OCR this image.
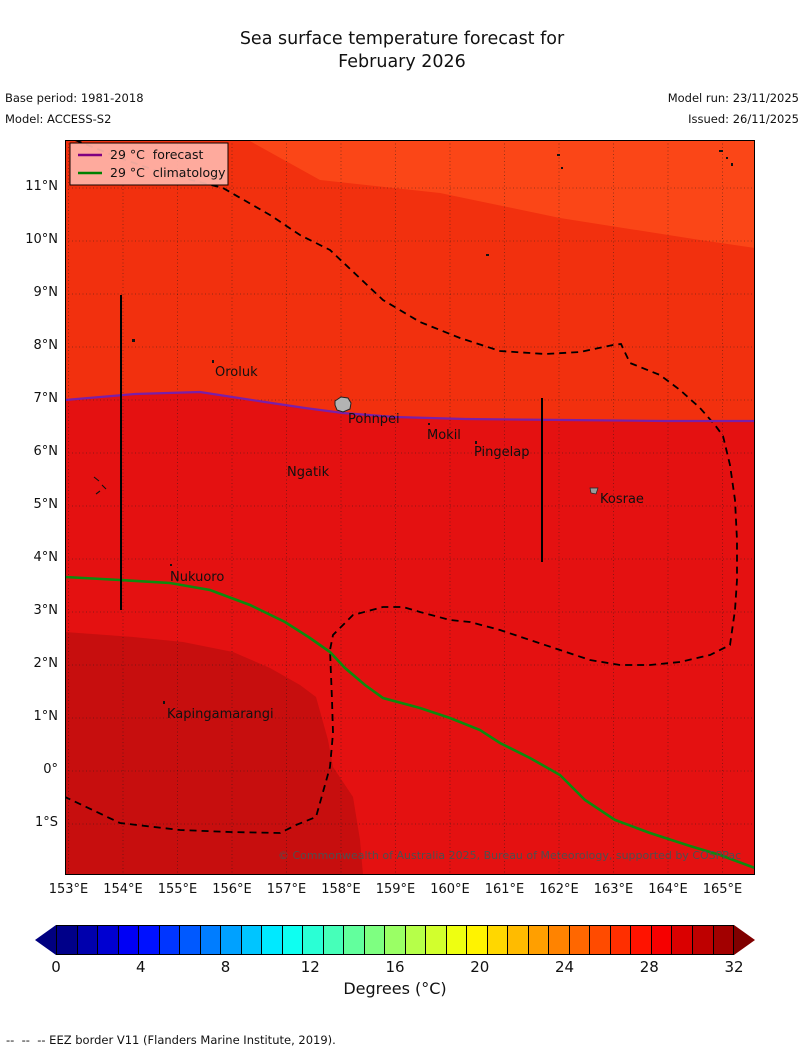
Sea surface temperature forecast for
February 2026
Base period: 1981-2018
Model: ACCESS-S2
Model run: 23/11/2025
Issued: 26/11/2025
Oroluk
Pohnpei
Mokil
Pingelap
Ngatik
Kosrae
Nukuoro
Kapingamarangi
© Commonwealth of Australia 2025, Bureau of Meteorology, supported by COSPPac
29 °C  forecast
29 °C  climatology
11°N
10°N
9°N
8°N
7°N
6°N
5°N
4°N
3°N
2°N
1°N
0°
1°S
153°E	154°E	155°E	156°E	157°E	158°E	159°E	160°E	161°E	162°E	163°E	164°E	165°E
0	4	8	12	16	20	24	28	32
Degrees (°C)
--  --  -- EEZ border V11 (Flanders Marine Institute, 2019).
